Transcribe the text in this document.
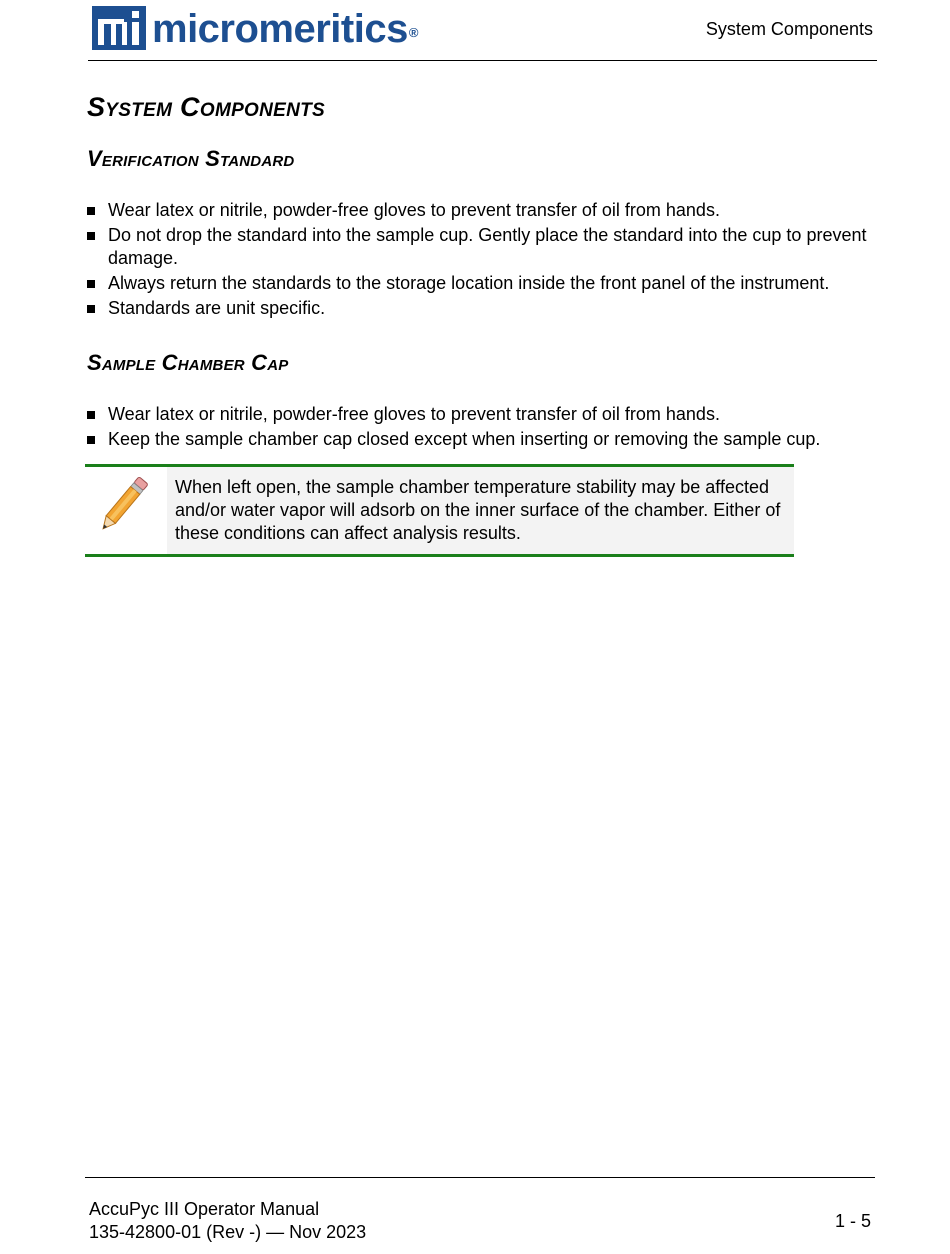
micromeritics®	System Components
System Components
Verification Standard
Wear latex or nitrile, powder-free gloves to prevent transfer of oil from hands.
Do not drop the standard into the sample cup. Gently place the standard into the cup to prevent damage.
Always return the standards to the storage location inside the front panel of the instrument.
Standards are unit specific.
Sample Chamber Cap
Wear latex or nitrile, powder-free gloves to prevent transfer of oil from hands.
Keep the sample chamber cap closed except when inserting or removing the sample cup.
When left open, the sample chamber temperature stability may be affected and/or water vapor will adsorb on the inner surface of the chamber. Either of these conditions can affect analysis results.
AccuPyc III Operator Manual
135-42800-01 (Rev -) — Nov 2023
1 - 5
